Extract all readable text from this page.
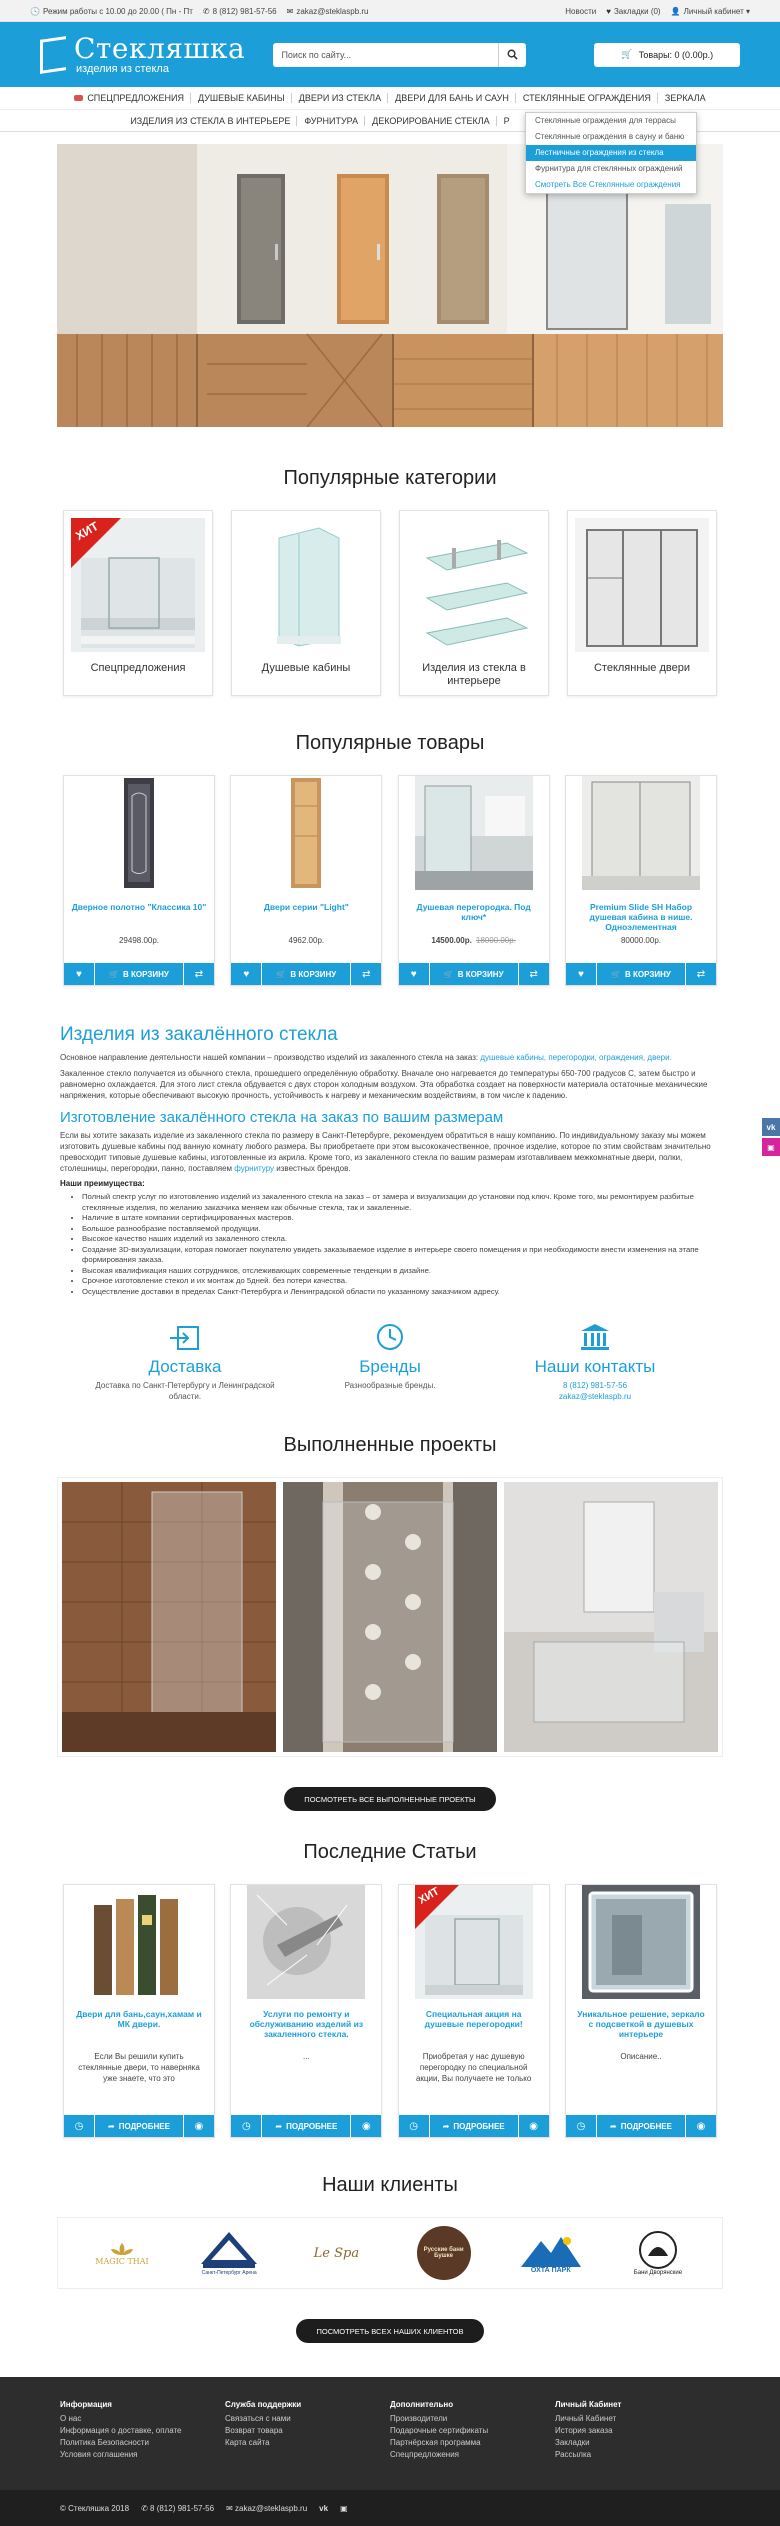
🕓 Режим работы с 10.00 до 20.00 ( Пн - Пт ✆ 8 (812) 981-57-56 ✉ zakaz@steklaspb.ru	Новости ♥ Закладки (0) 👤 Личный кабинет ▾
Стекляшка
изделия из стекла
Поиск по сайту...	🛒 Товары: 0 (0.00р.)
СПЕЦПРЕДЛОЖЕНИЯ	ДУШЕВЫЕ КАБИНЫ	ДВЕРИ ИЗ СТЕКЛА	ДВЕРИ ДЛЯ БАНЬ И САУН	СТЕКЛЯННЫЕ ОГРАЖДЕНИЯ	ЗЕРКАЛА
ИЗДЕЛИЯ ИЗ СТЕКЛА В ИНТЕРЬЕРЕ	ФУРНИТУРА	ДЕКОРИРОВАНИЕ СТЕКЛА	Р	Стеклянные ограждения для террасы
Стеклянные ограждения в сауну и баню
Лестничные ограждения из стекла
Фурнитура для стеклянных ограждений
Смотреть Все Стеклянные ограждения
Популярные категории
ХИТ
Спецпредложения	Душевые кабины	Изделия из стекла в интерьере
Стеклянные двери
Популярные товары
Дверное полотно "Классика 10"
29498.00р.
♥	🛒 В КОРЗИНУ	⇄
Двери серии "Light"
4962.00р.
♥	🛒 В КОРЗИНУ	⇄
Душевая перегородка. Под ключ*
14500.00р. 18000.00р.
♥	🛒 В КОРЗИНУ	⇄
Premium Slide SH Набор душевая кабина в нише. Одноэлементная
80000.00р.
♥	🛒 В КОРЗИНУ	⇄
Изделия из закалённого стекла

Основное направление деятельности нашей компании – производство изделий из закаленного стекла на заказ: душевые кабины, перегородки, ограждения, двери.

Закаленное стекло получается из обычного стекла, прошедшего определённую обработку. Вначале оно нагревается до температуры 650-700 градусов С, затем быстро и равномерно охлаждается. Для этого лист стекла обдувается с двух сторон холодным воздухом. Эта обработка создает на поверхности материала остаточные механические напряжения, которые обеспечивают высокую прочность, устойчивость к нагреву и механическим воздействиям, в том числе к падению.

Изготовление закалённого стекла на заказ по вашим размерам

Если вы хотите заказать изделие из закаленного стекла по размеру в Санкт-Петербурге, рекомендуем обратиться в нашу компанию. По индивидуальному заказу мы можем изготовить душевые кабины под ванную комнату любого размера. Вы приобретаете при этом высококачественное, прочное изделие, которое по этим свойствам значительно превосходит типовые душевые кабины, изготовленные из акрила. Кроме того, из закаленного стекла по вашим размерам изготавливаем межкомнатные двери, полки, столешницы, перегородки, панно, поставляем фурнитуру известных брендов.

Наши преимущества:
• Полный спектр услуг по изготовлению изделий из закаленного стекла на заказ – от замера и визуализации до установки под ключ. Кроме того, мы ремонтируем разбитые стеклянные изделия, по желанию заказчика меняем как обычные стекла, так и закаленные.
• Наличие в штате компании сертифицированных мастеров.
• Большое разнообразие поставляемой продукции.
• Высокое качество наших изделий из закаленного стекла.
• Создание 3D-визуализации, которая помогает покупателю увидеть заказываемое изделие в интерьере своего помещения и при необходимости внести изменения на этапе формирования заказа.
• Высокая квалификация наших сотрудников, отслеживающих современные тенденции в дизайне.
• Срочное изготовление стекол и их монтаж до 5дней. без потери качества.
• Осуществление доставки в пределах Санкт-Петербурга и Ленинградской области по указанному заказчиком адресу.
Доставка
Доставка по Санкт-Петербургу и Ленинградской области.
Бренды
Разнообразные бренды.
Наши контакты
8 (812) 981-57-56
zakaz@steklaspb.ru
Выполненные проекты
ПОСМОТРЕТЬ ВСЕ ВЫПОЛНЕННЫЕ ПРОЕКТЫ
Последние Статьи
Двери для бань,саун,хамам и МК двери.
Если Вы решили купить стеклянные двери, то наверняка уже знаете, что это
◷	➦ ПОДРОБНЕЕ ◉
Услуги по ремонту и обслуживанию изделий из закаленного стекла.
...
◷	➦ ПОДРОБНЕЕ ◉
ХИТ
Специальная акция на душевые перегородки!
Приобретая у нас душевую перегородку по специальной акции, Вы получаете не только
◷	➦ ПОДРОБНЕЕ ◉
Уникальное решение, зеркало с подсветкой в душевых интерьере
Описание..
◷	➦ ПОДРОБНЕЕ ◉
Наши клиенты
MAGIC THAI
Санкт-Петербург Арена
Le Spa	Русские бани Бушке
ОХТА ПАРК	Бани Дворянские
ПОСМОТРЕТЬ ВСЕХ НАШИХ КЛИЕНТОВ
Информация
О нас
Информация о доставке, оплате
Политика Безопасности
Условия соглашения
Служба поддержки
Связаться с нами
Возврат товара
Карта сайта
Дополнительно
Производители
Подарочные сертификаты
Партнёрская программа
Спецпредложения
Личный Кабинет
Личный Кабинет
История заказа
Закладки
Рассылка
© Стекляшка 2018 ✆ 8 (812) 981-57-56 ✉ zakaz@steklaspb.ru vk ▣
vk
▣
